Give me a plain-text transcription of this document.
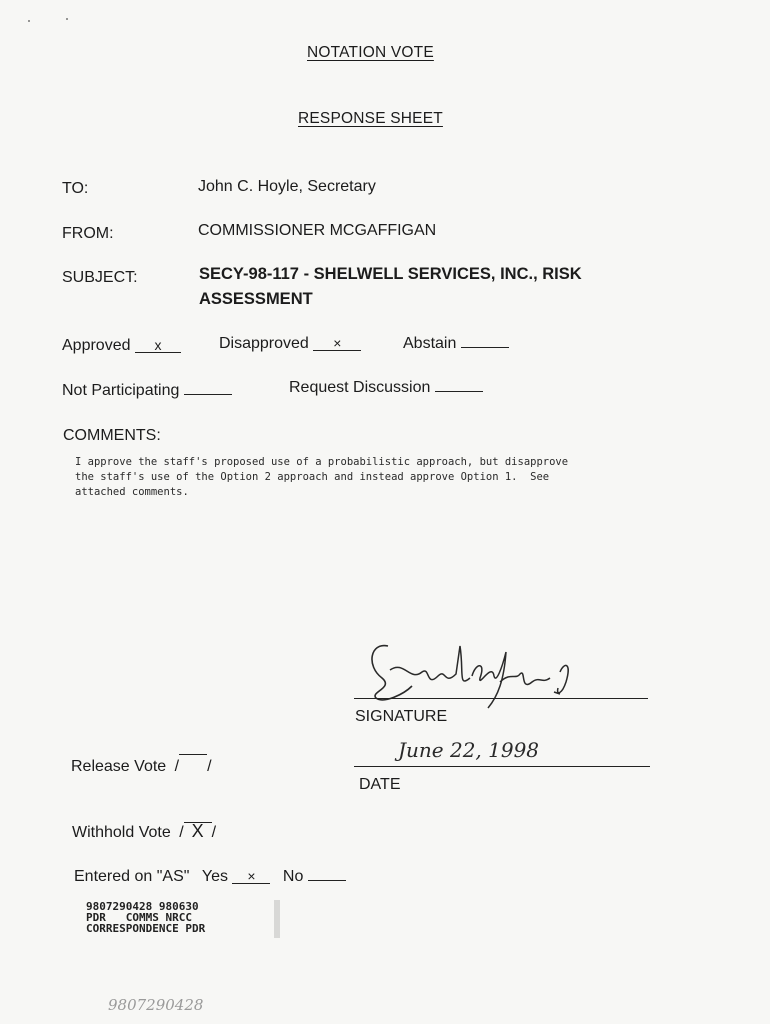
NOTATION VOTE
RESPONSE SHEET
TO:	John C. Hoyle, Secretary
FROM:	COMMISSIONER MCGAFFIGAN
SUBJECT:	SECY-98-117 - SHELWELL SERVICES, INC., RISK
ASSESSMENT
Approved x	Disapproved ×	Abstain
Not Participating	Request Discussion
COMMENTS:
I approve the staff's proposed use of a probabilistic approach, but disapprove
the staff's use of the Option 2 approach and instead approve Option 1.  See
attached comments.
SIGNATURE
June 22, 1998
DATE
Release Vote / /
Withhold Vote / X /
Entered on "AS" Yes × No
9807290428 980630
PDR   COMMS NRCC
CORRESPONDENCE PDR
9807290428
